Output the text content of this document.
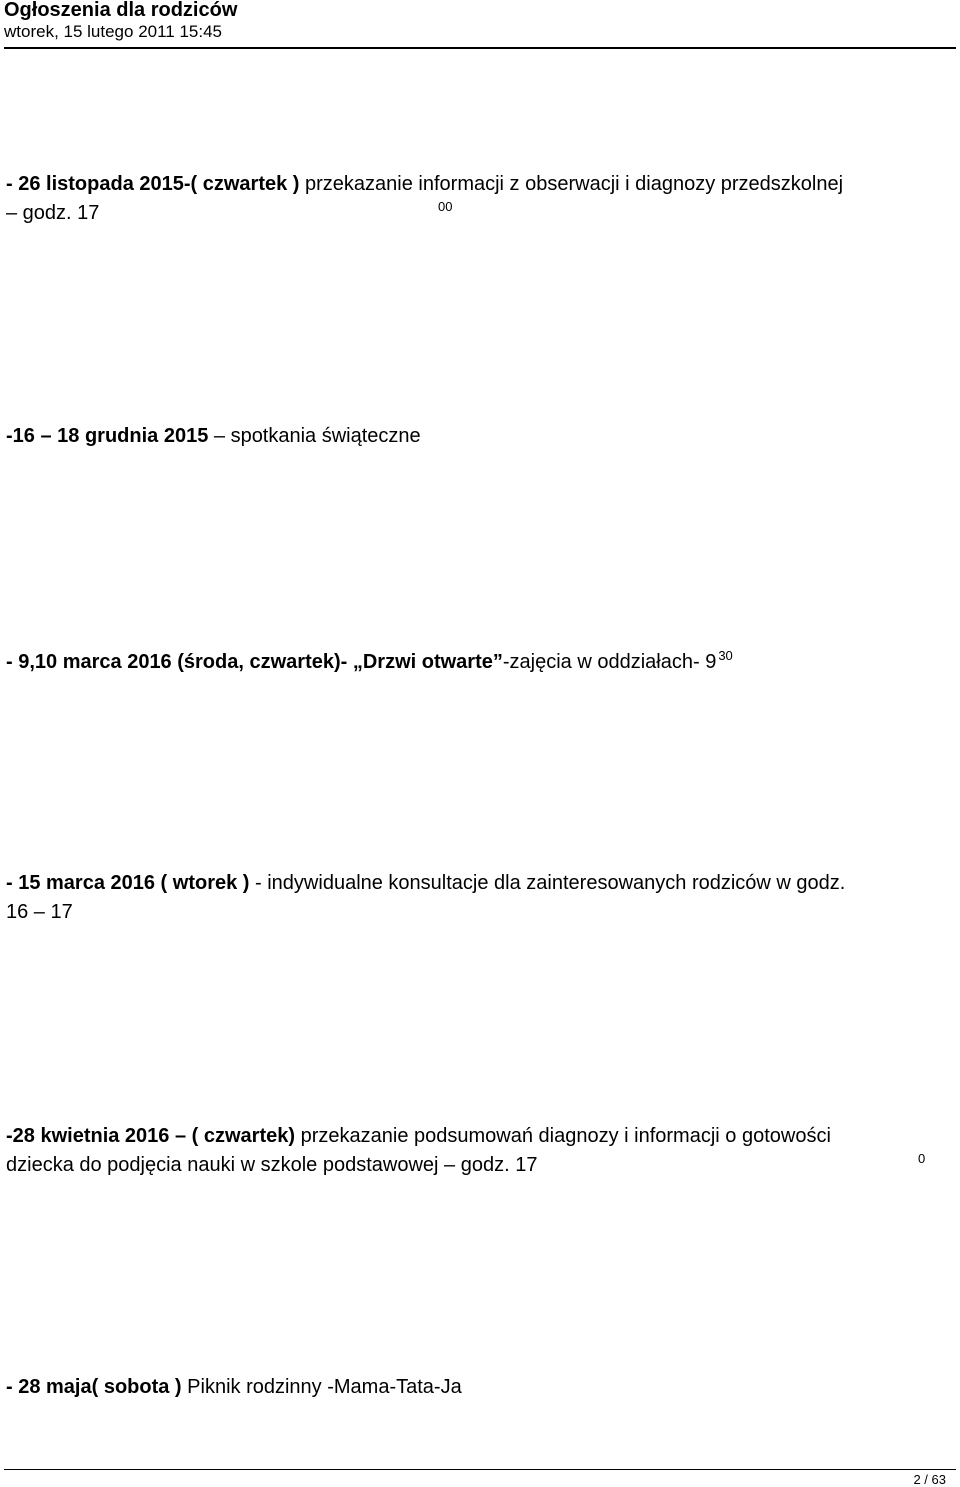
Ogłoszenia dla rodziców
wtorek, 15 lutego 2011 15:45
- 26 listopada 2015-( czwartek ) przekazanie informacji z obserwacji i diagnozy przedszkolnej
– godz. 17	00
-16 – 18 grudnia 2015 – spotkania świąteczne
- 9,10 marca 2016 (środa, czwartek)- „Drzwi otwarte”-zajęcia w oddziałach- 9 $^{30}$
- 15 marca 2016 ( wtorek ) - indywidualne konsultacje dla zainteresowanych rodziców w godz.
16 – 17
-28 kwietnia 2016 – ( czwartek) przekazanie podsumowań diagnozy i informacji o gotowości
dziecka do podjęcia nauki w szkole podstawowej – godz. 17	0
- 28 maja( sobota ) Piknik rodzinny -Mama-Tata-Ja
2 / 63
